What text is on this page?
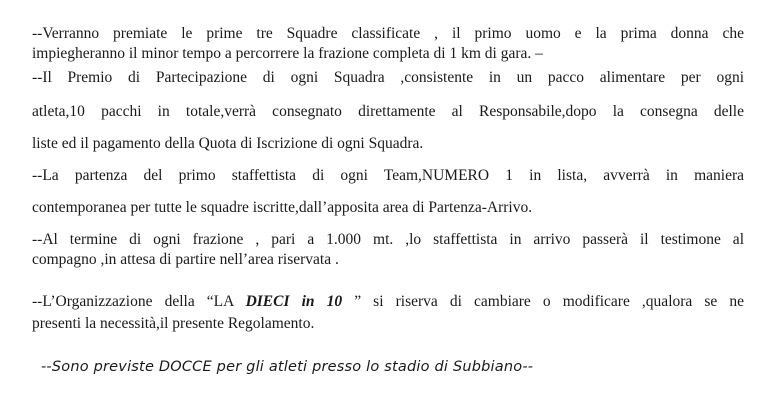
--Verranno premiate le prime tre Squadre classificate , il primo uomo e la prima donna che
impiegheranno il minor tempo a percorrere la frazione completa di 1 km di gara. –
--Il Premio di Partecipazione di ogni Squadra ,consistente in un pacco alimentare per ogni
atleta,10 pacchi in totale,verrà consegnato direttamente al Responsabile,dopo la consegna delle
liste ed il pagamento della Quota di Iscrizione di ogni Squadra.
--La partenza del primo staffettista di ogni Team,NUMERO 1 in lista, avverrà in maniera
contemporanea per tutte le squadre iscritte,dall’apposita area di Partenza-Arrivo.
--Al termine di ogni frazione , pari a 1.000 mt. ,lo staffettista in arrivo passerà il testimone al
compagno ,in attesa di partire nell’area riservata .
--L’Organizzazione della “LA DIECI in 10 ” si riserva di cambiare o modificare ,qualora se ne
presenti la necessità,il presente Regolamento.
--Sono previste DOCCE per gli atleti presso lo stadio di Subbiano--
